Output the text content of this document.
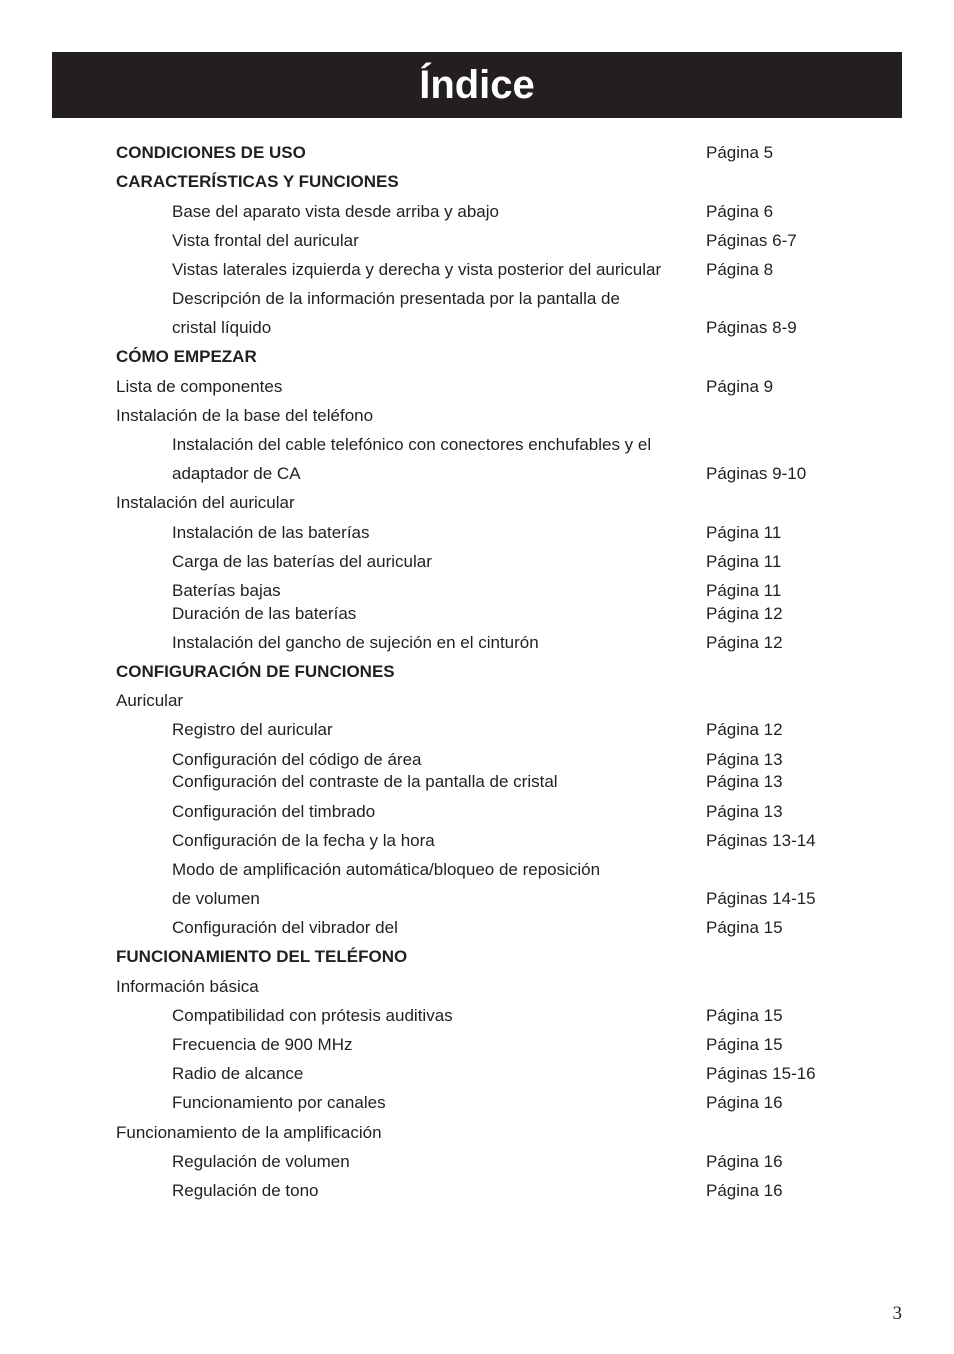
Índice
CONDICIONES DE USO	Página 5
CARACTERÍSTICAS Y FUNCIONES
Base del aparato vista desde arriba y abajo	Página 6
Vista frontal del auricular	Páginas 6-7
Vistas laterales izquierda y derecha y vista posterior del auricular	Página 8
Descripción de la información presentada por la pantalla de
cristal líquido	Páginas 8-9
CÓMO EMPEZAR
Lista de componentes	Página 9
Instalación de la base del teléfono
Instalación del cable telefónico con conectores enchufables y el
adaptador de CA	Páginas 9-10
Instalación del auricular
Instalación de las baterías	Página 11
Carga de las baterías del auricular	Página 11
Baterías bajas	Página 11
Duración de las baterías	Página 12
Instalación del gancho de sujeción en el cinturón	Página 12
CONFIGURACIÓN DE FUNCIONES
Auricular
Registro del auricular	Página 12
Configuración del código de área	Página 13
Configuración del contraste de la pantalla de cristal	Página 13
Configuración del timbrado	Página 13
Configuración de la fecha y la hora	Páginas 13-14
Modo de amplificación automática/bloqueo de reposición
de volumen	Páginas 14-15
Configuración del vibrador del	Página 15
FUNCIONAMIENTO DEL TELÉFONO
Información básica
Compatibilidad con prótesis auditivas	Página 15
Frecuencia de 900 MHz	Página 15
Radio de alcance	Páginas 15-16
Funcionamiento por canales	Página 16
Funcionamiento de la amplificación
Regulación de volumen	Página 16
Regulación de tono	Página 16
3
